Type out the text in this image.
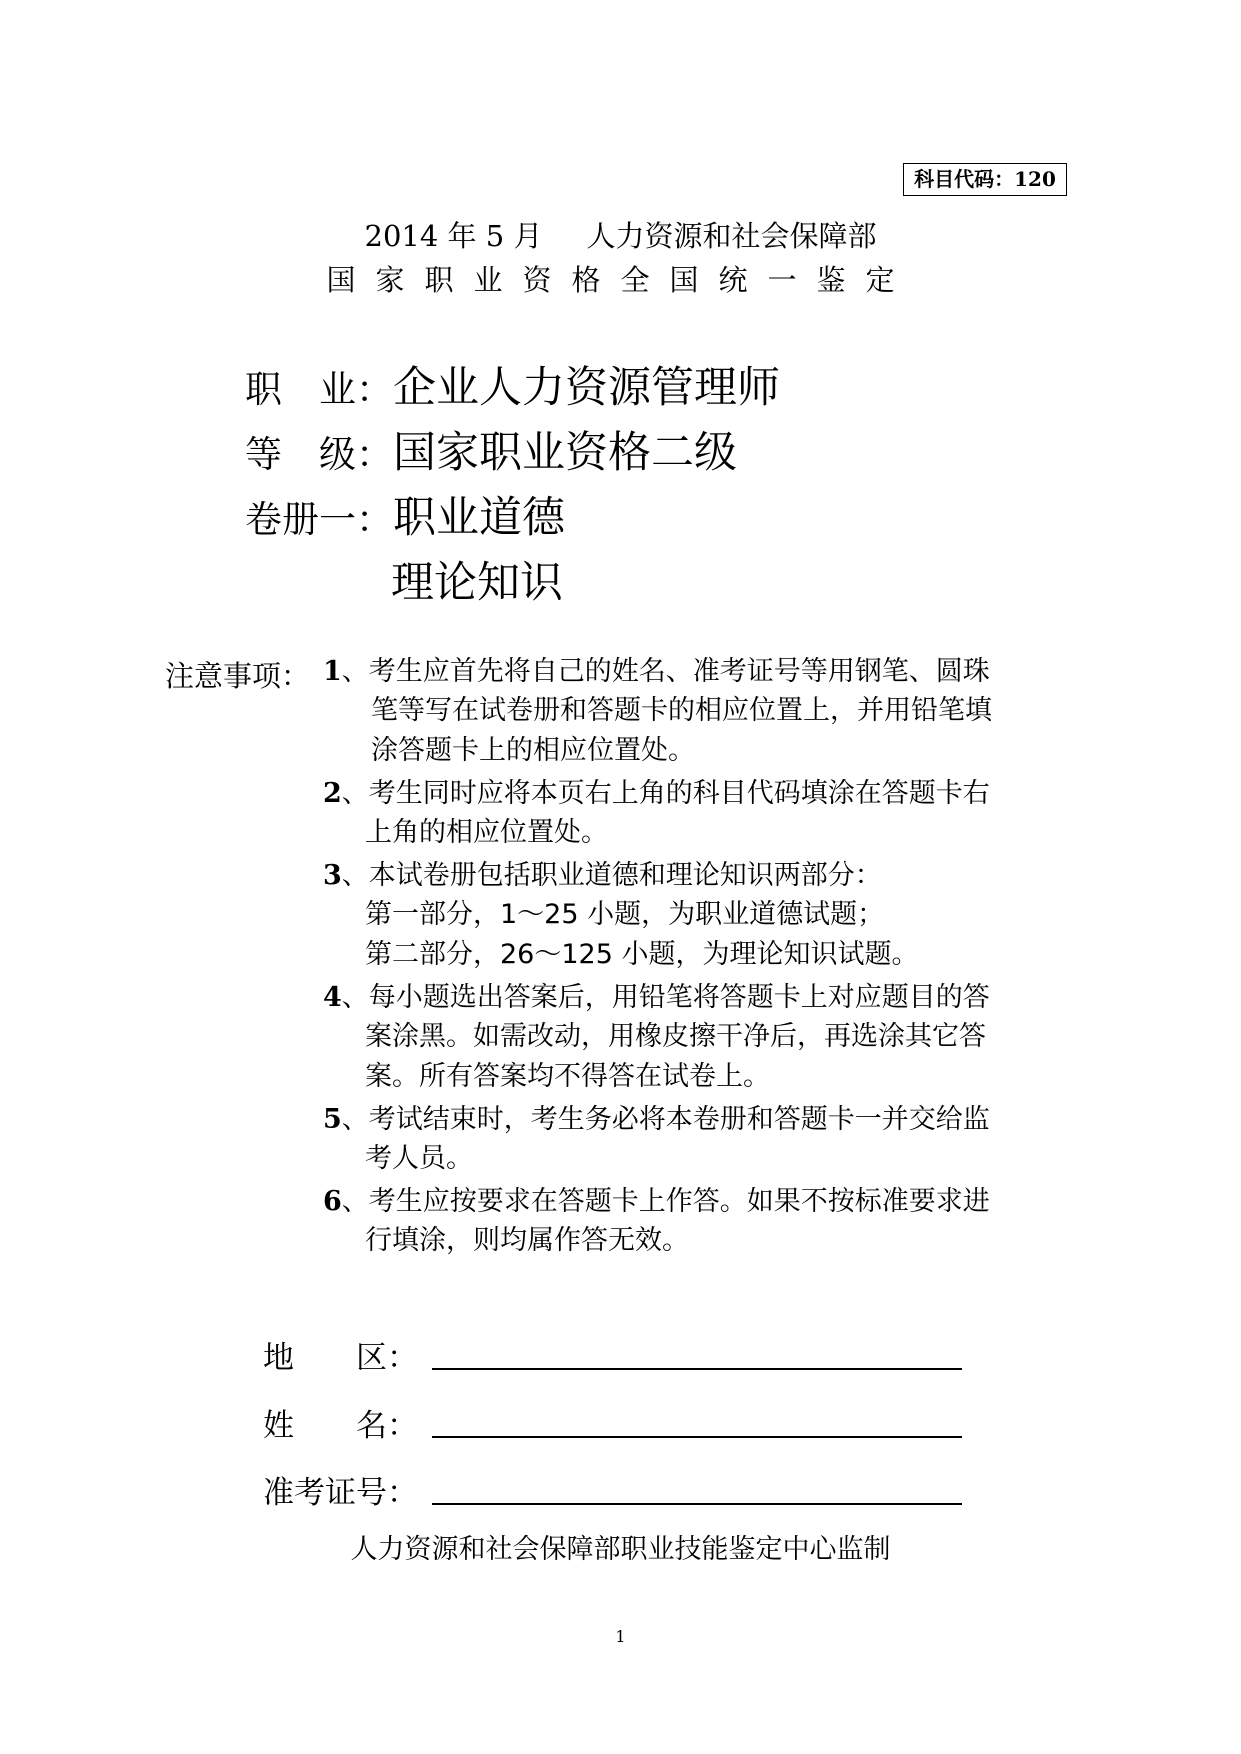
科目代码：120
2014 年 5 月 人力资源和社会保障部
国家职业资格全国统一鉴定
职　业：企业人力资源管理师
等　级：国家职业资格二级
卷册一：职业道德
理论知识
注意事项： 1、考生应首先将自己的姓名、准考证号等用钢笔、圆珠
笔等写在试卷册和答题卡的相应位置上，并用铅笔填
涂答题卡上的相应位置处。
2、考生同时应将本页右上角的科目代码填涂在答题卡右
上角的相应位置处。
3、本试卷册包括职业道德和理论知识两部分：
第一部分，1～25 小题，为职业道德试题；
第二部分，26～125 小题，为理论知识试题。
4、每小题选出答案后，用铅笔将答题卡上对应题目的答
案涂黑。如需改动，用橡皮擦干净后，再选涂其它答
案。所有答案均不得答在试卷上。
5、考试结束时，考生务必将本卷册和答题卡一并交给监
考人员。
6、考生应按要求在答题卡上作答。如果不按标准要求进
行填涂，则均属作答无效。
地　　区：
姓　　名：
准考证号：
人力资源和社会保障部职业技能鉴定中心监制
1
